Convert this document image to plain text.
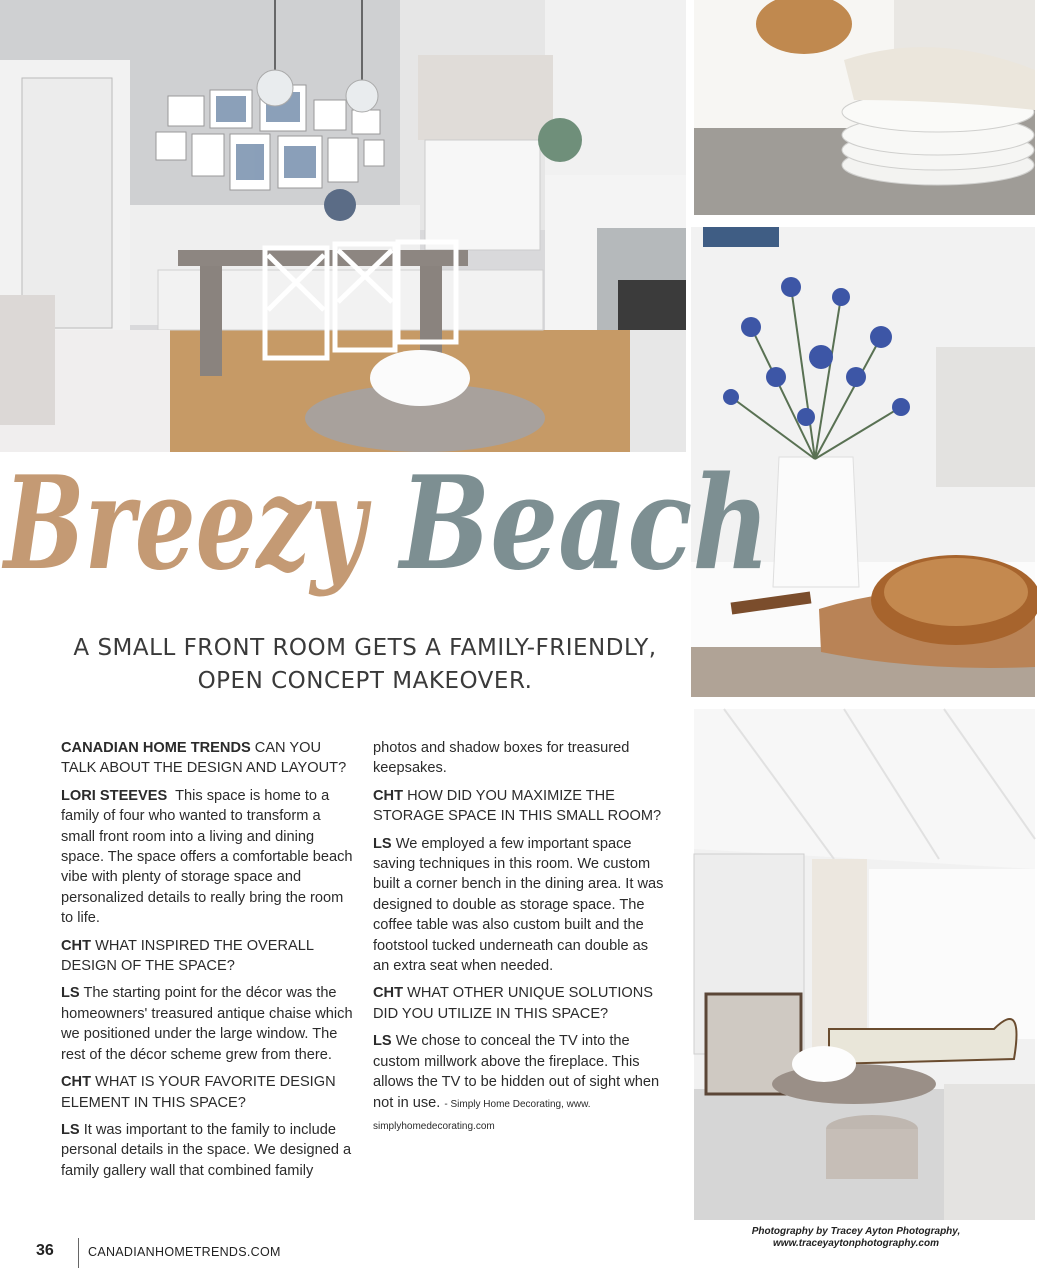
Breezy Beach
A SMALL FRONT ROOM GETS A FAMILY-FRIENDLY,
OPEN CONCEPT MAKEOVER.

CANADIAN HOME TRENDS CAN YOU TALK ABOUT THE DESIGN AND LAYOUT?

LORI STEEVES This space is home to a family of four who wanted to transform a small front room into a living and dining space. The space offers a comfortable beach vibe with plenty of storage space and personalized details to really bring the room to life.

CHT WHAT INSPIRED THE OVERALL DESIGN OF THE SPACE?

LS The starting point for the décor was the homeowners' treasured antique chaise which we positioned under the large window. The rest of the décor scheme grew from there.

CHT WHAT IS YOUR FAVORITE DESIGN ELEMENT IN THIS SPACE?

LS It was important to the family to include personal details in the space. We designed a family gallery wall that combined family

photos and shadow boxes for treasured keepsakes.

CHT HOW DID YOU MAXIMIZE THE STORAGE SPACE IN THIS SMALL ROOM?

LS We employed a few important space saving techniques in this room. We custom built a corner bench in the dining area. It was designed to double as storage space. The coffee table was also custom built and the footstool tucked underneath can double as an extra seat when needed.

CHT WHAT OTHER UNIQUE SOLUTIONS DID YOU UTILIZE IN THIS SPACE?

LS We chose to conceal the TV into the custom millwork above the fireplace. This allows the TV to be hidden out of sight when not in use. - Simply Home Decorating, www. simplyhomedecorating.com

Photography by Tracey Ayton Photography,
www.traceyaytonphotography.com
36	CANADIANHOMETRENDS.COM
